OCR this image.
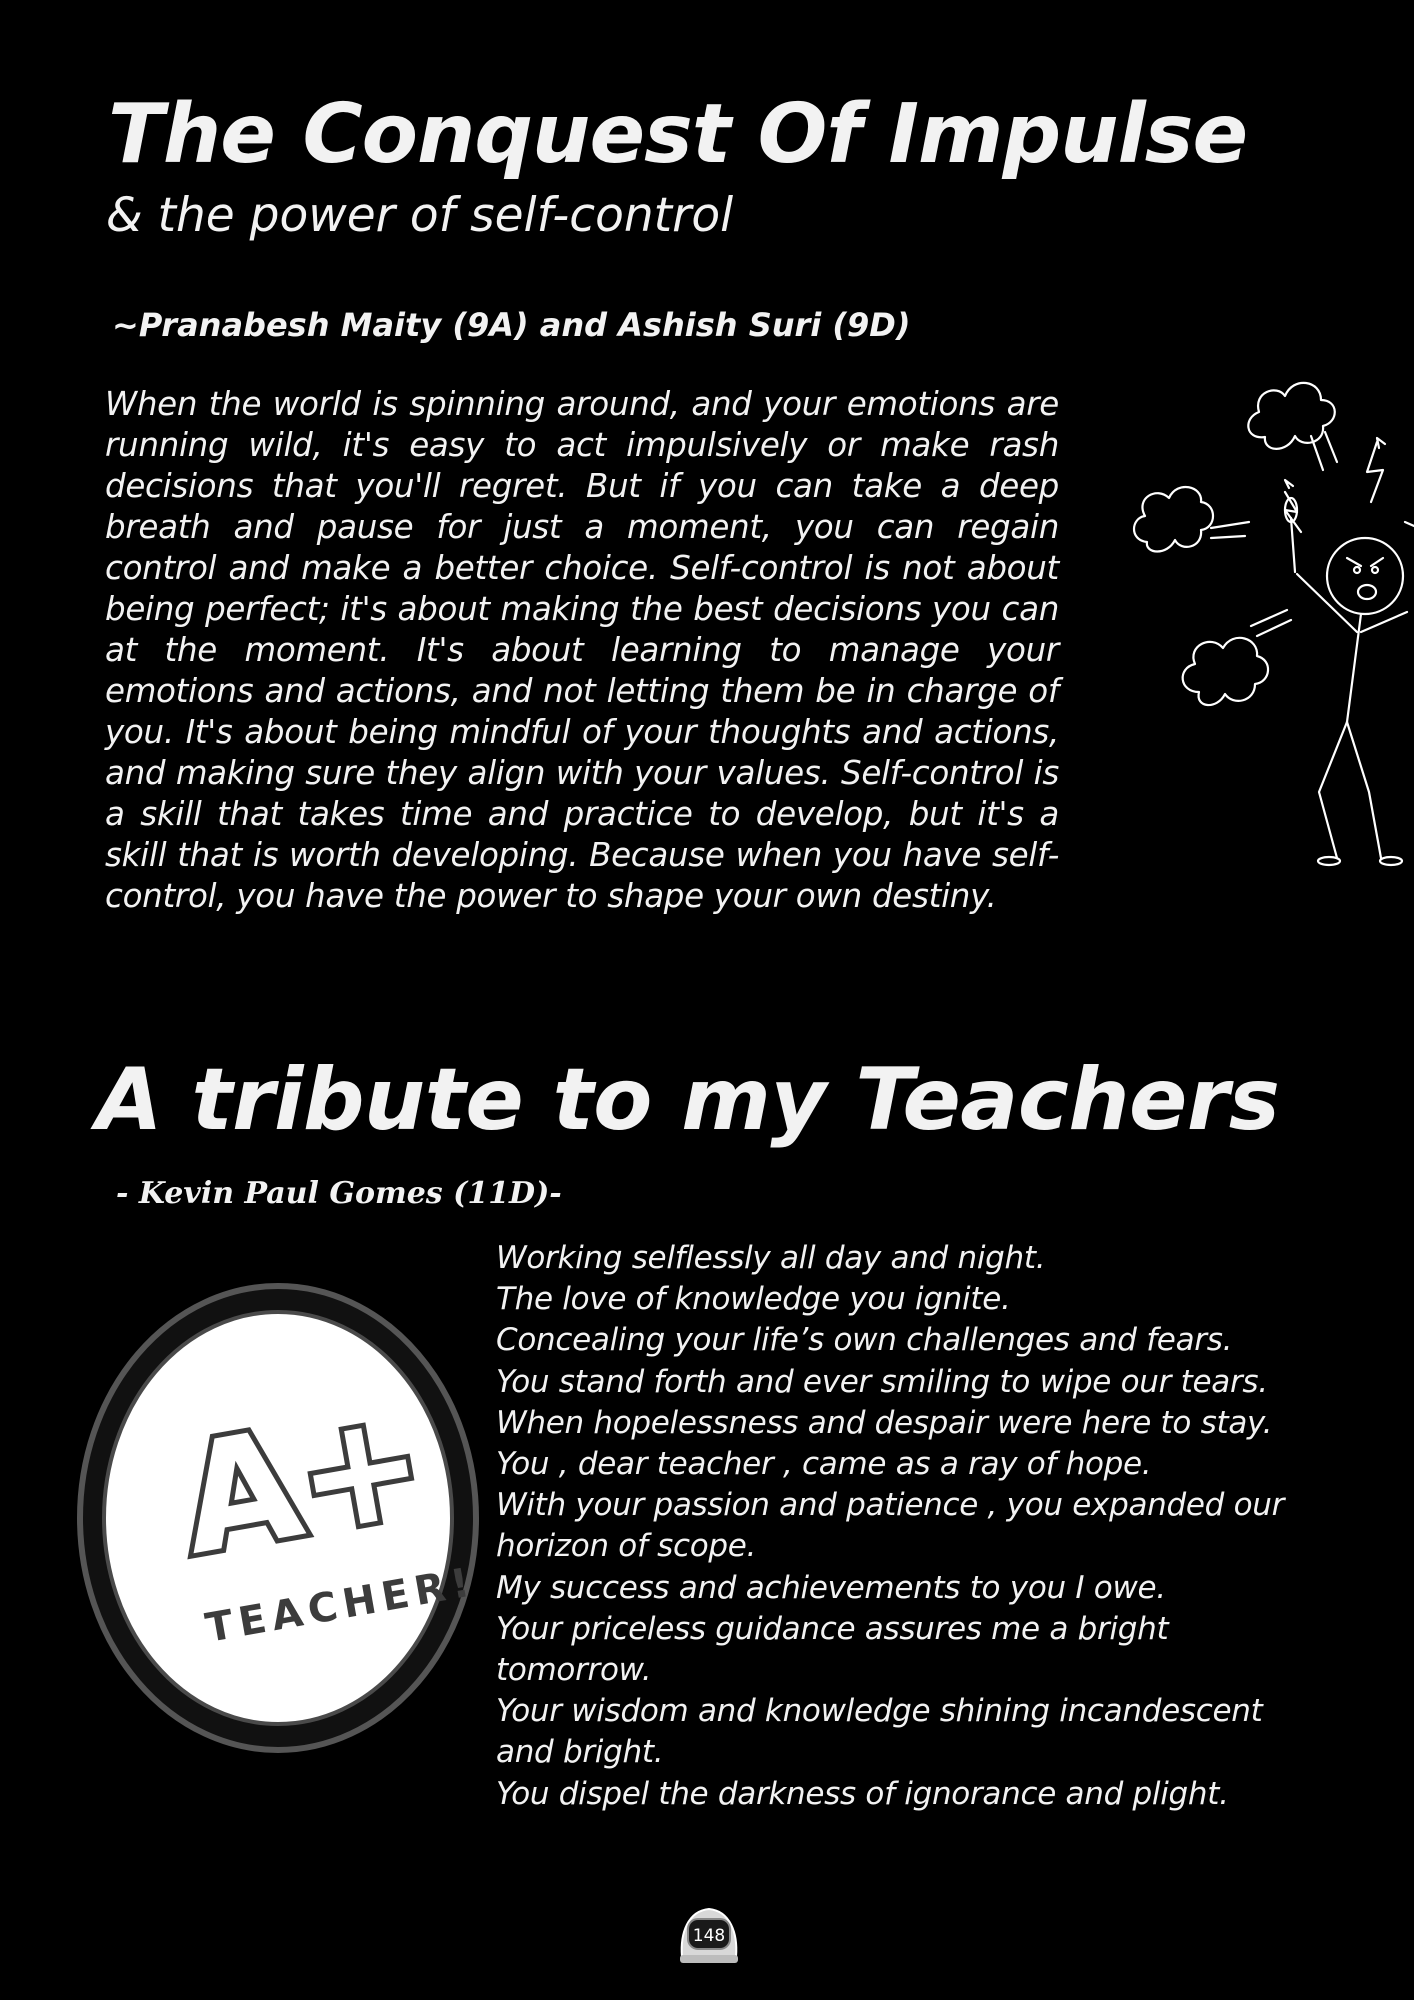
The Conquest Of Impulse
& the power of self-control
~Pranabesh Maity (9A) and Ashish Suri (9D)

When the world is spinning around, and your emotions are running wild, it's easy to act impulsively or make rash decisions that you'll regret. But if you can take a deep breath and pause for just a moment, you can regain control and make a better choice. Self-control is not about being perfect; it's about making the best decisions you can at the moment. It's about learning to manage your emotions and actions, and not letting them be in charge of you. It's about being mindful of your thoughts and actions, and making sure they align with your values. Self-control is a skill that takes time and practice to develop, but it's a skill that is worth developing. Because when you have self- control, you have the power to shape your own destiny.

A tribute to my Teachers
- Kevin Paul Gomes (11D)-
A+
TEACHER!
Working selflessly all day and night.
The love of knowledge you ignite.
Concealing your life’s own challenges and fears.
You stand forth and ever smiling to wipe our tears.
When hopelessness and despair were here to stay.
You , dear teacher , came as a ray of hope.
With your passion and patience , you expanded our
horizon of scope.
My success and achievements to you I owe.
Your priceless guidance assures me a bright
tomorrow.
Your wisdom and knowledge shining incandescent
and bright.
You dispel the darkness of ignorance and plight.
148
